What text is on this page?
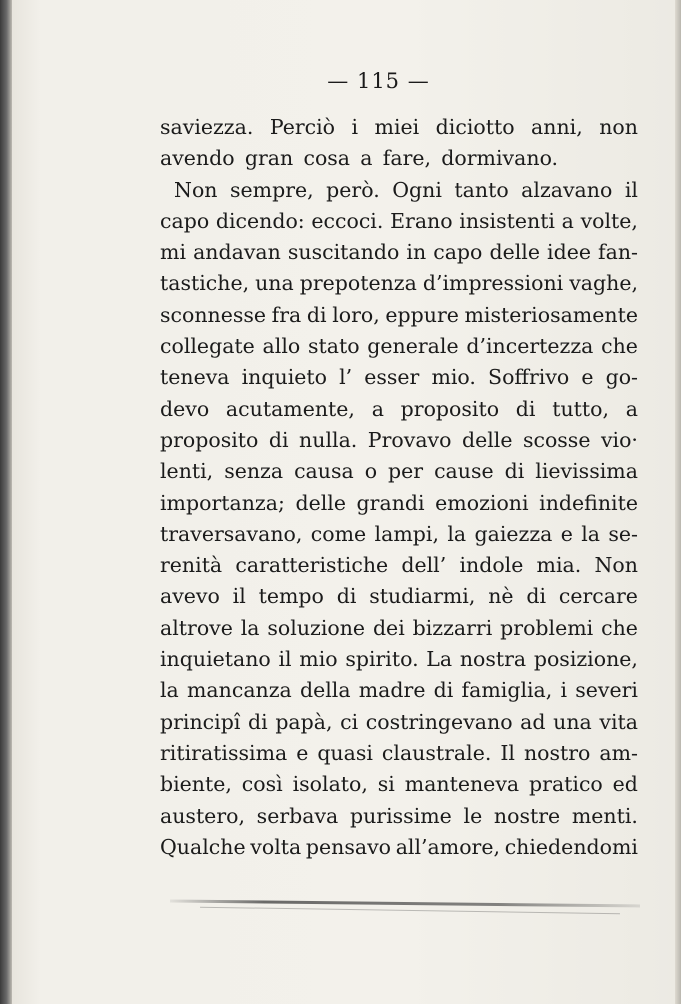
— 115 —
saviezza. Perciò i miei diciotto anni, non
avendo gran cosa a fare, dormivano.
Non sempre, però. Ogni tanto alzavano il
capo dicendo: eccoci. Erano insistenti a volte,
mi andavan suscitando in capo delle idee fan-
tastiche, una prepotenza d’impressioni vaghe,
sconnesse fra di loro, eppure misteriosamente
collegate allo stato generale d’incertezza che
teneva inquieto l’ esser mio. Soffrivo e go-
devo acutamente, a proposito di tutto, a
proposito di nulla. Provavo delle scosse vio·
lenti, senza causa o per cause di lievissima
importanza; delle grandi emozioni indefinite
traversavano, come lampi, la gaiezza e la se-
renità caratteristiche dell’ indole mia. Non
avevo il tempo di studiarmi, nè di cercare
altrove la soluzione dei bizzarri problemi che
inquietano il mio spirito. La nostra posizione,
la mancanza della madre di famiglia, i severi
principî di papà, ci costringevano ad una vita
ritiratissima e quasi claustrale. Il nostro am-
biente, così isolato, si manteneva pratico ed
austero, serbava purissime le nostre menti.
Qualche volta pensavo all’amore, chiedendomi
